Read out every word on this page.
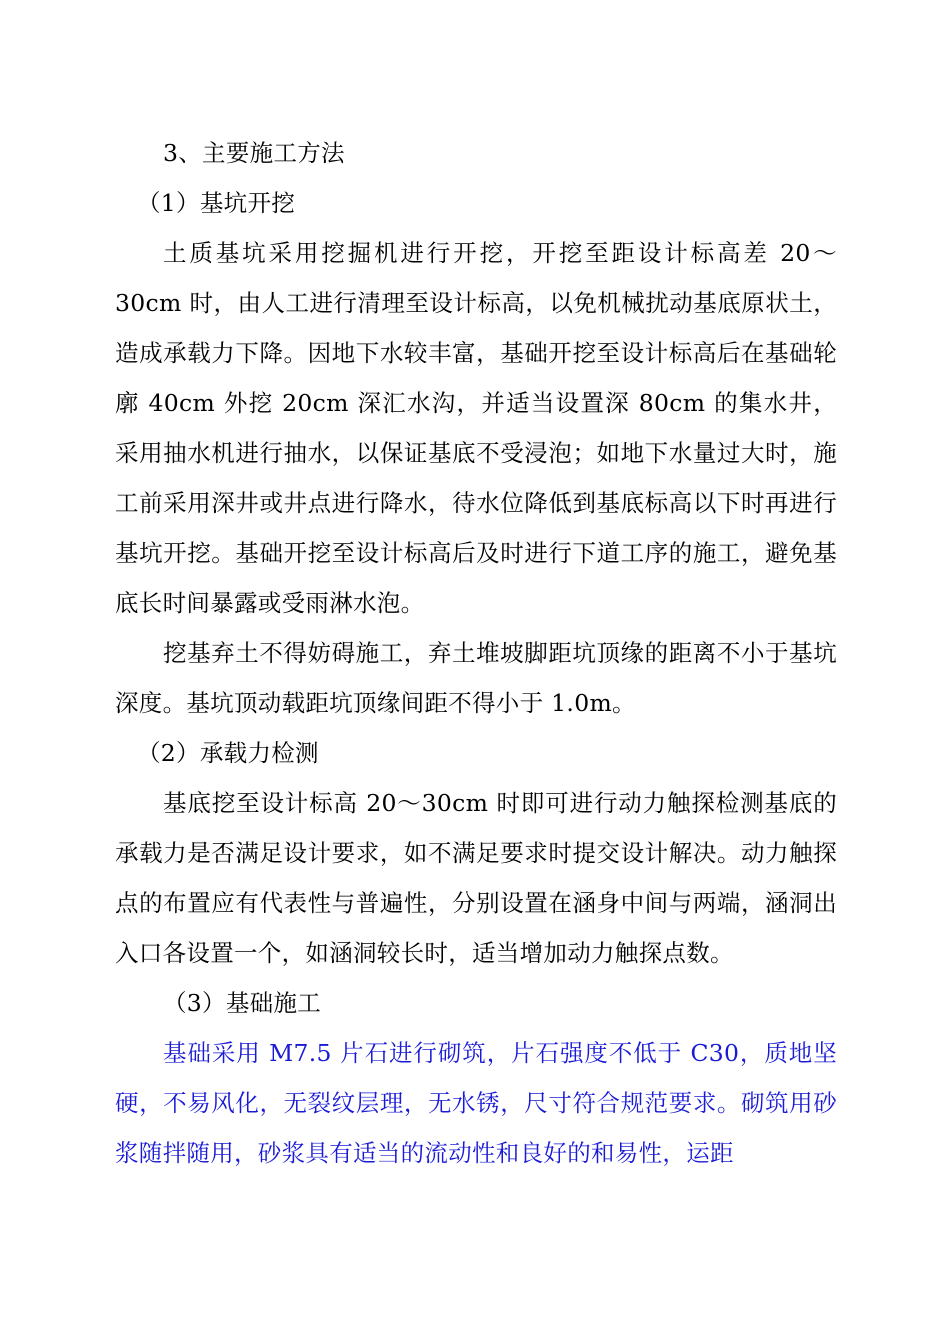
3、主要施工方法

（1）基坑开挖

土质基坑采用挖掘机进行开挖，开挖至距设计标高差 20～30cm 时，由人工进行清理至设计标高，以免机械扰动基底原状土，造成承载力下降。因地下水较丰富，基础开挖至设计标高后在基础轮廓 40cm 外挖 20cm 深汇水沟，并适当设置深 80cm 的集水井，采用抽水机进行抽水，以保证基底不受浸泡；如地下水量过大时，施工前采用深井或井点进行降水，待水位降低到基底标高以下时再进行基坑开挖。基础开挖至设计标高后及时进行下道工序的施工，避免基底长时间暴露或受雨淋水泡。

挖基弃土不得妨碍施工，弃土堆坡脚距坑顶缘的距离不小于基坑深度。基坑顶动载距坑顶缘间距不得小于 1.0m。

（2）承载力检测

基底挖至设计标高 20～30cm 时即可进行动力触探检测基底的承载力是否满足设计要求，如不满足要求时提交设计解决。动力触探点的布置应有代表性与普遍性，分别设置在涵身中间与两端，涵洞出入口各设置一个，如涵洞较长时，适当增加动力触探点数。

（3）基础施工

基础采用 M7.5 片石进行砌筑，片石强度不低于 C30，质地坚硬，不易风化，无裂纹层理，无水锈，尺寸符合规范要求。砌筑用砂浆随拌随用，砂浆具有适当的流动性和良好的和易性，运距
